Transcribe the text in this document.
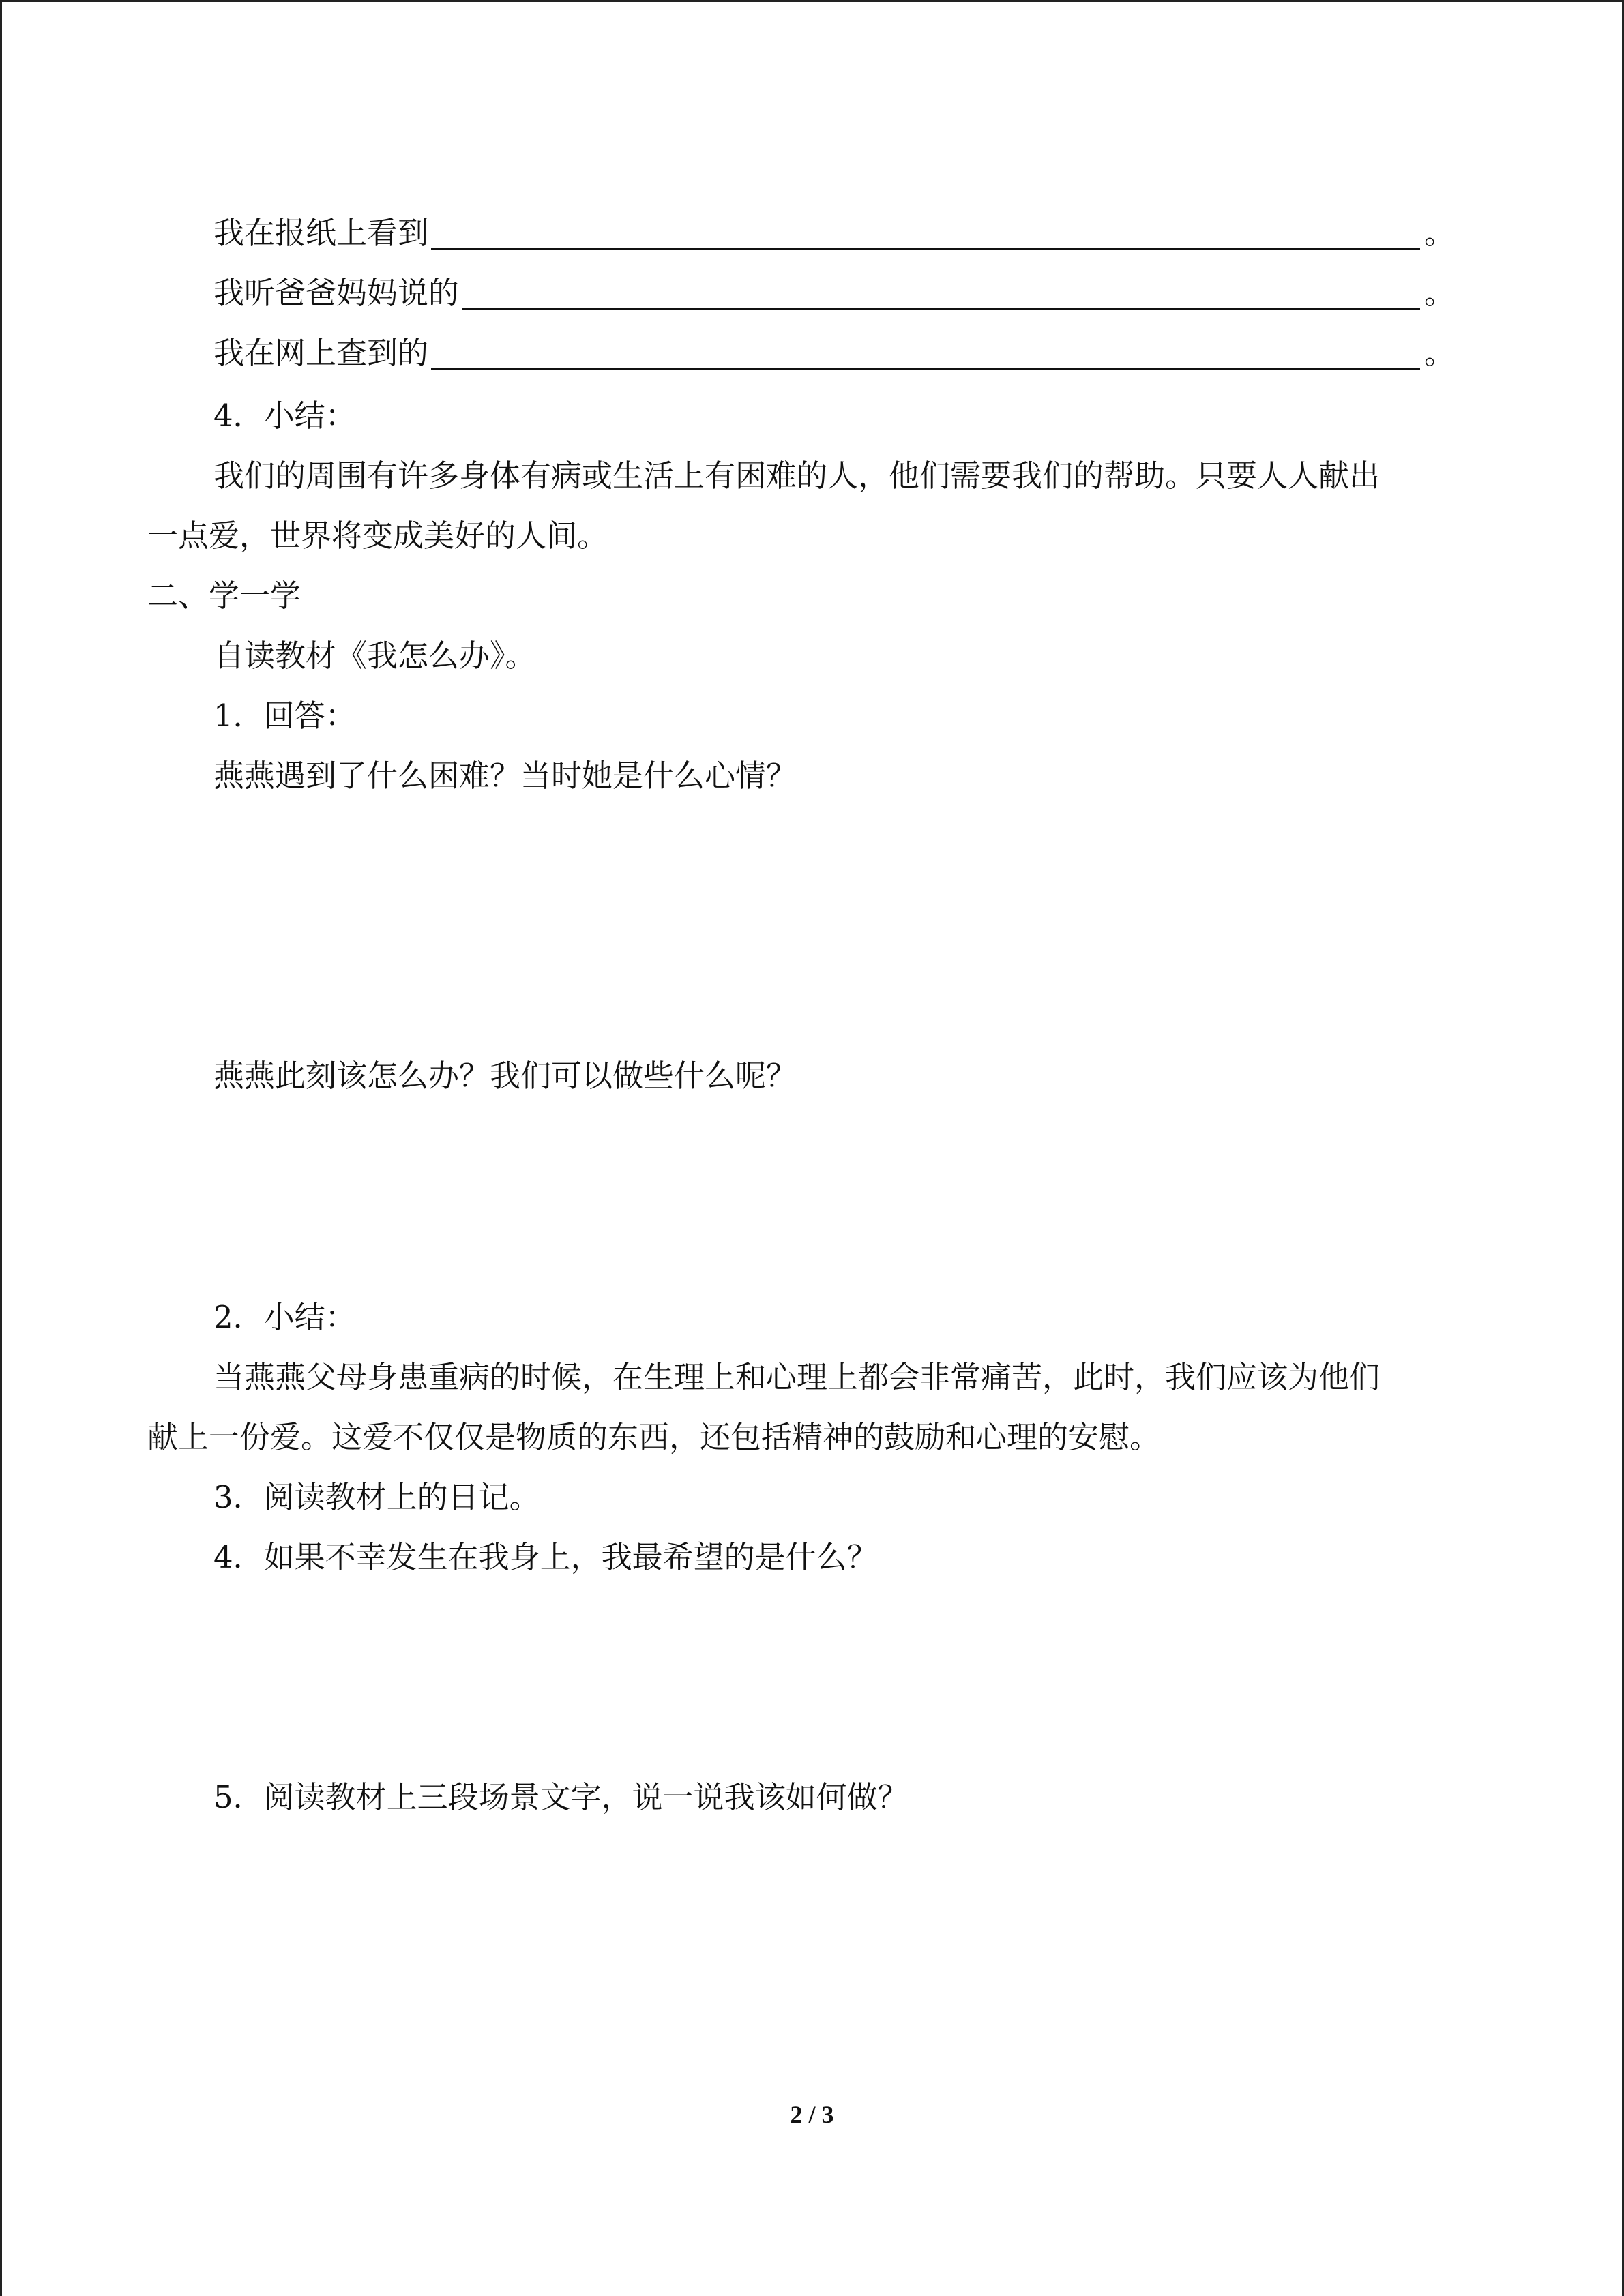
我在报纸上看到	。
我听爸爸妈妈说的	。
我在网上查到的	。
4．小结：
我们的周围有许多身体有病或生活上有困难的人，他们需要我们的帮助。只要人人献出
一点爱，世界将变成美好的人间。
二、学一学
自读教材《我怎么办》。
1．回答：
燕燕遇到了什么困难？当时她是什么心情？
燕燕此刻该怎么办？我们可以做些什么呢？
2．小结：
当燕燕父母身患重病的时候，在生理上和心理上都会非常痛苦，此时，我们应该为他们
献上一份爱。这爱不仅仅是物质的东西，还包括精神的鼓励和心理的安慰。
3．阅读教材上的日记。
4．如果不幸发生在我身上，我最希望的是什么？
5．阅读教材上三段场景文字，说一说我该如何做？
2 / 3
